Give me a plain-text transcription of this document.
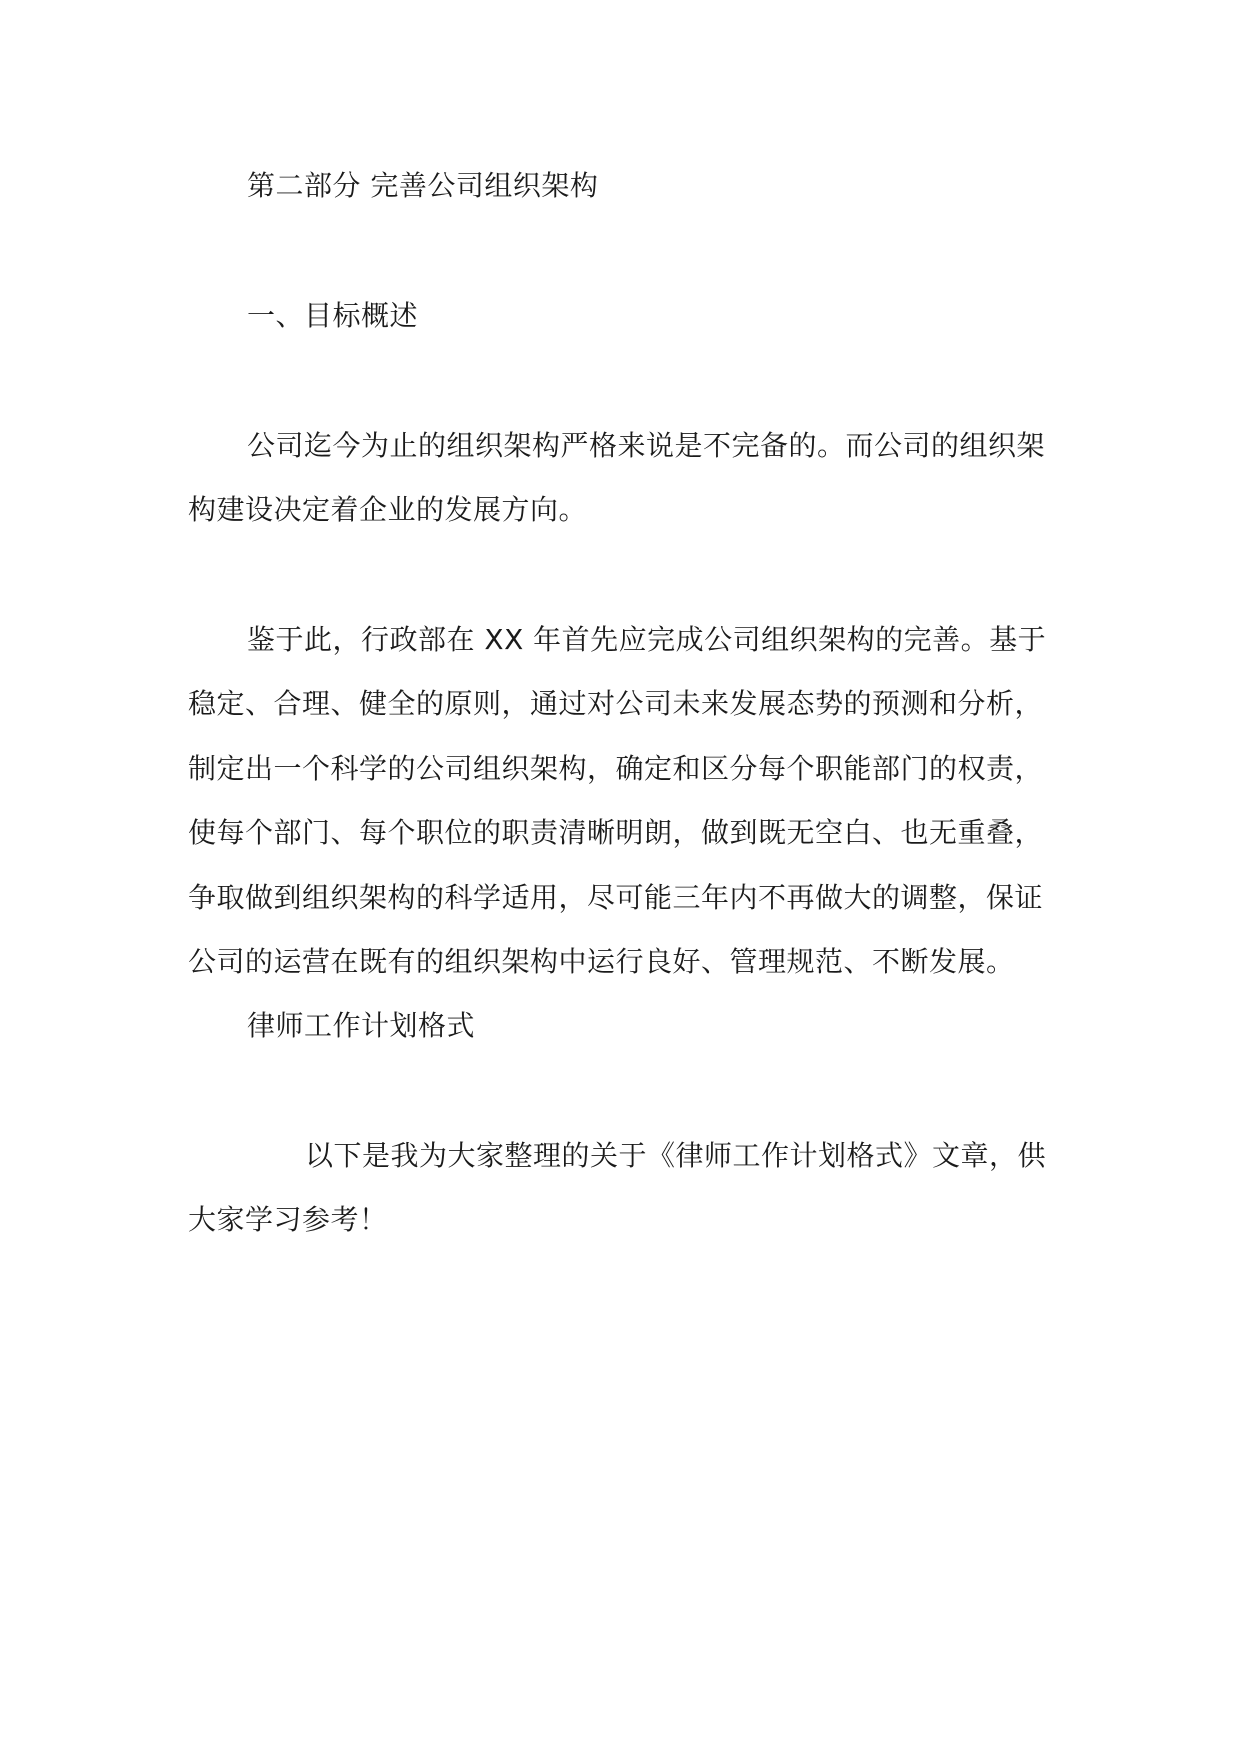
第二部分 完善公司组织架构
一、目标概述
公司迄今为止的组织架构严格来说是不完备的。而公司的组织架
构建设决定着企业的发展方向。
鉴于此，行政部在 XX 年首先应完成公司组织架构的完善。基于
稳定、合理、健全的原则，通过对公司未来发展态势的预测和分析，
制定出一个科学的公司组织架构，确定和区分每个职能部门的权责，
使每个部门、每个职位的职责清晰明朗，做到既无空白、也无重叠，
争取做到组织架构的科学适用，尽可能三年内不再做大的调整，保证
公司的运营在既有的组织架构中运行良好、管理规范、不断发展。
律师工作计划格式
以下是我为大家整理的关于《律师工作计划格式》文章，供
大家学习参考！
